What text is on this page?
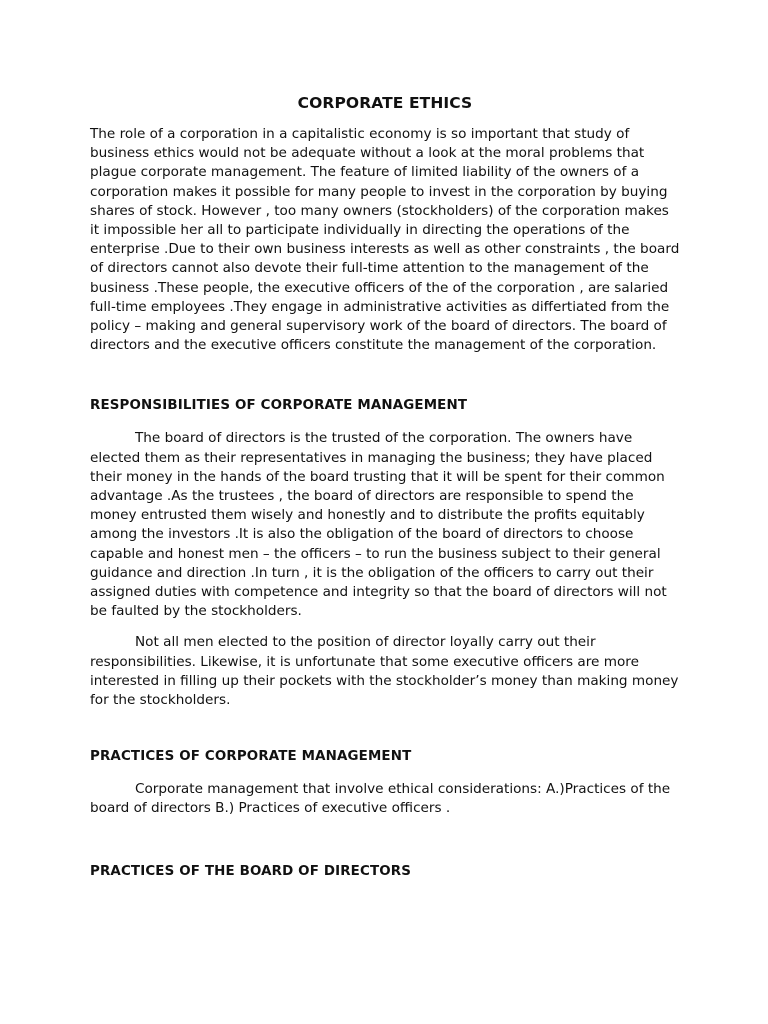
CORPORATE ETHICS

The role of a corporation in a capitalistic economy is so important that study of business ethics would not be adequate without a look at the moral problems that plague corporate management. The feature of limited liability of the owners of a corporation makes it possible for many people to invest in the corporation by buying shares of stock. However , too many owners (stockholders) of the corporation makes it impossible her all to participate individually in directing the operations of the enterprise .Due to their own business interests as well as other constraints , the board of directors cannot also devote their full-time attention to the management of the business .These people, the executive officers of the of the corporation , are salaried full-time employees .They engage in administrative activities as differtiated from the policy – making and general supervisory work of the board of directors. The board of directors and the executive officers constitute the management of the corporation.

RESPONSIBILITIES OF CORPORATE MANAGEMENT

The board of directors is the trusted of the corporation. The owners have elected them as their representatives in managing the business; they have placed their money in the hands of the board trusting that it will be spent for their common advantage .As the trustees , the board of directors are responsible to spend the money entrusted them wisely and honestly and to distribute the profits equitably among the investors .It is also the obligation of the board of directors to choose capable and honest men – the officers – to run the business subject to their general guidance and direction .In turn , it is the obligation of the officers to carry out their assigned duties with competence and integrity so that the board of directors will not be faulted by the stockholders.

Not all men elected to the position of director loyally carry out their responsibilities. Likewise, it is unfortunate that some executive officers are more interested in filling up their pockets with the stockholder’s money than making money for the stockholders.

PRACTICES OF CORPORATE MANAGEMENT

Corporate management that involve ethical considerations: A.)Practices of the board of directors B.) Practices of executive officers .

PRACTICES OF THE BOARD OF DIRECTORS
